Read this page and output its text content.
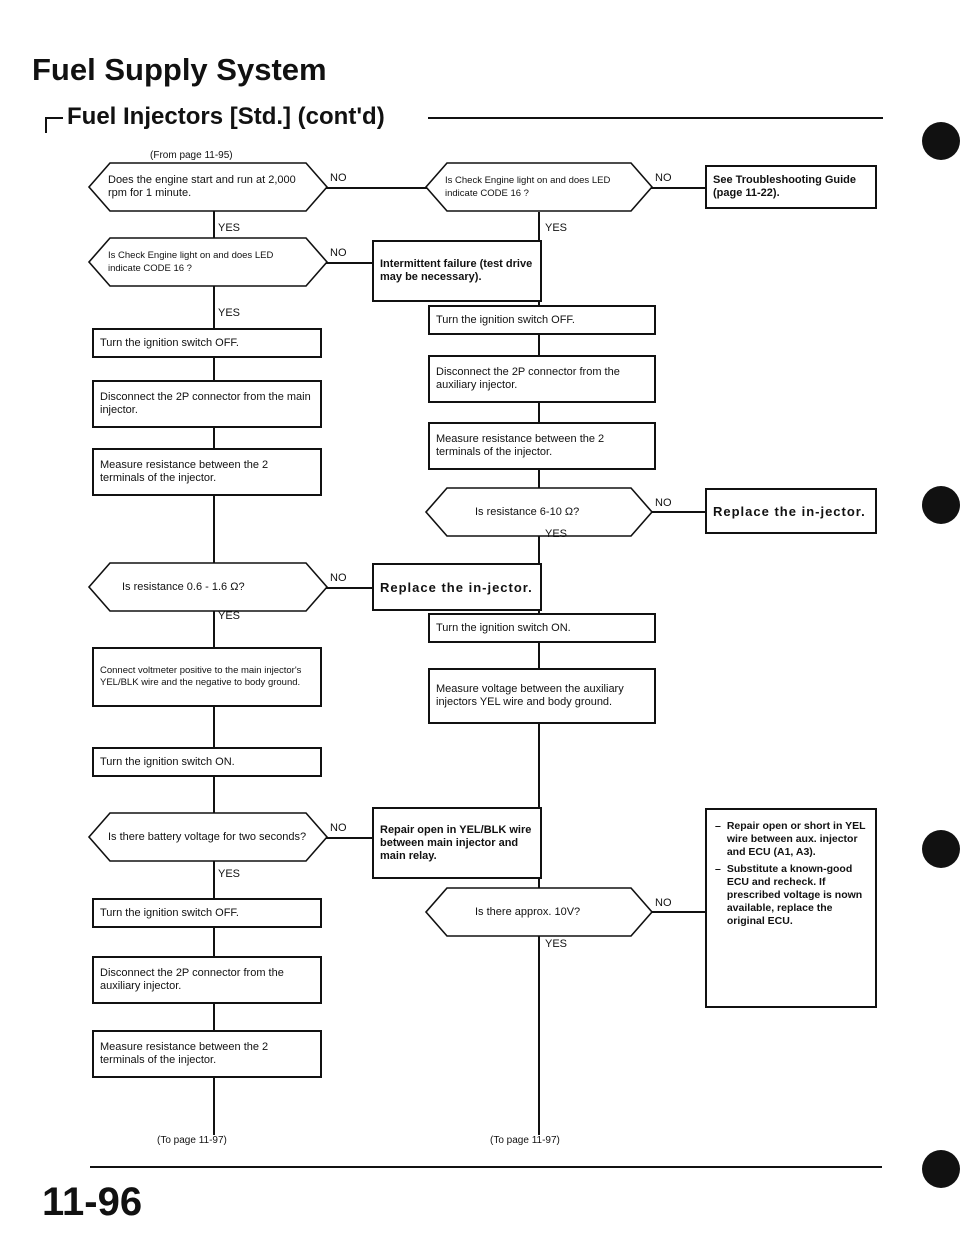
Fuel Supply System
Fuel Injectors [Std.] (cont'd)
(From page 11-95)
(To page 11-97)	(To page 11-97)
Does the engine start and run at 2,000 rpm for 1 minute.
YES
NO
Is Check Engine light on and does LED indicate CODE 16 ?
YES
NO
Turn the ignition switch OFF.
Disconnect the 2P connector from the main injector.
Measure resistance between the 2 terminals of the injector.
Is resistance 0.6 - 1.6 Ω?
YES
NO
Connect voltmeter positive to the main injector's YEL/BLK wire and the negative to body ground.
Turn the ignition switch ON.
Is there battery voltage for two seconds?
YES
NO
Turn the ignition switch OFF.
Disconnect the 2P connector from the auxiliary injector.
Measure resistance between the 2 terminals of the injector.
Intermittent failure (test drive may be necessary).
Replace the in-jector.
Repair open in YEL/BLK wire between main injector and main relay.
Is Check Engine light on and does LED indicate CODE 16 ?
YES
NO
Turn the ignition switch OFF.
Disconnect the 2P connector from the auxiliary injector.
Measure resistance between the 2 terminals of the injector.
Is resistance 6-10 Ω?
YES
NO
Turn the ignition switch ON.
Measure voltage between the auxiliary injectors YEL wire and body ground.
Is there approx. 10V?
YES
NO
See Troubleshooting Guide (page 11-22).
Replace the in-jector.
– Repair open or short in YEL wire between aux. injector and ECU (A1, A3).
– Substitute a known-good ECU and recheck. If prescribed voltage is nown available, replace the original ECU.
11-96
